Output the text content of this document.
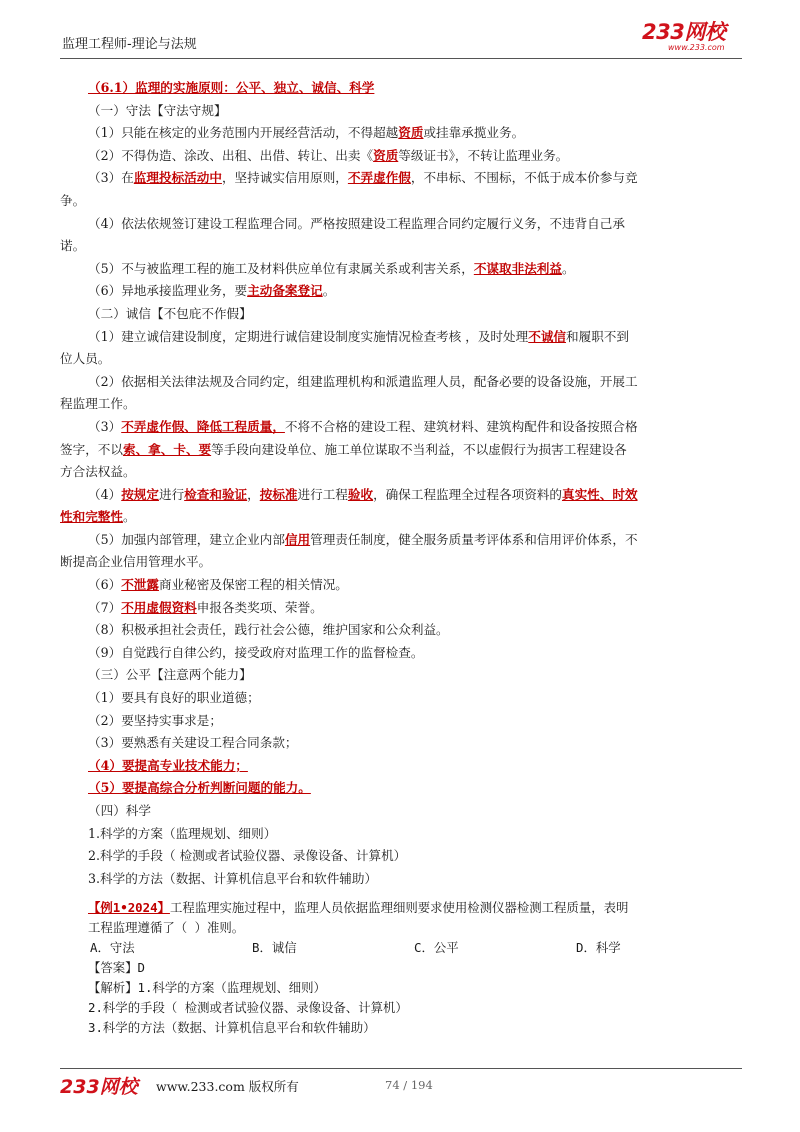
监理工程师-理论与法规
233网校
www.233.com
（6.1）监理的实施原则：公平、独立、诚信、科学
（一）守法【守法守规】
（1）只能在核定的业务范围内开展经营活动，不得超越资质或挂靠承揽业务。
（2）不得伪造、涂改、出租、出借、转让、出卖《资质等级证书》，不转让监理业务。
（3）在监理投标活动中，坚持诚实信用原则，不弄虚作假，不串标、不围标，不低于成本价参与竞
争。
（4）依法依规签订建设工程监理合同。严格按照建设工程监理合同约定履行义务，不违背自己承
诺。
（5）不与被监理工程的施工及材料供应单位有隶属关系或利害关系，不谋取非法利益。
（6）异地承接监理业务，要主动备案登记。
（二）诚信【不包庇不作假】
（1）建立诚信建设制度，定期进行诚信建设制度实施情况检查考核 ，及时处理不诚信和履职不到
位人员。
（2）依据相关法律法规及合同约定，组建监理机构和派遣监理人员，配备必要的设备设施，开展工
程监理工作。
（3）不弄虚作假、降低工程质量，不将不合格的建设工程、建筑材料、建筑构配件和设备按照合格
签字，不以索、拿、卡、要等手段向建设单位、施工单位谋取不当利益，不以虚假行为损害工程建设各
方合法权益。
（4）按规定进行检查和验证，按标准进行工程验收，确保工程监理全过程各项资料的真实性、时效
性和完整性。
（5）加强内部管理，建立企业内部信用管理责任制度，健全服务质量考评体系和信用评价体系，不
断提高企业信用管理水平。
（6）不泄露商业秘密及保密工程的相关情况。
（7）不用虚假资料申报各类奖项、荣誉。
（8）积极承担社会责任，践行社会公德，维护国家和公众利益。
（9）自觉践行自律公约，接受政府对监理工作的监督检查。
（三）公平【注意两个能力】
（1）要具有良好的职业道德；
（2）要坚持实事求是；
（3）要熟悉有关建设工程合同条款；
（4）要提高专业技术能力；
（5）要提高综合分析判断问题的能力。
（四）科学
1.科学的方案（监理规划、细则）
2.科学的手段（ 检测或者试验仪器、录像设备、计算机）
3.科学的方法（数据、计算机信息平台和软件辅助）
【例1•2024】工程监理实施过程中，监理人员依据监理细则要求使用检测仪器检测工程质量，表明
工程监理遵循了（ ）准则。
A．守法	B．诚信	C．公平	D．科学
【答案】D
【解析】1.科学的方案（监理规划、细则）
2.科学的手段（ 检测或者试验仪器、录像设备、计算机）
3.科学的方法（数据、计算机信息平台和软件辅助）
233网校 www.233.com 版权所有	74 / 194
